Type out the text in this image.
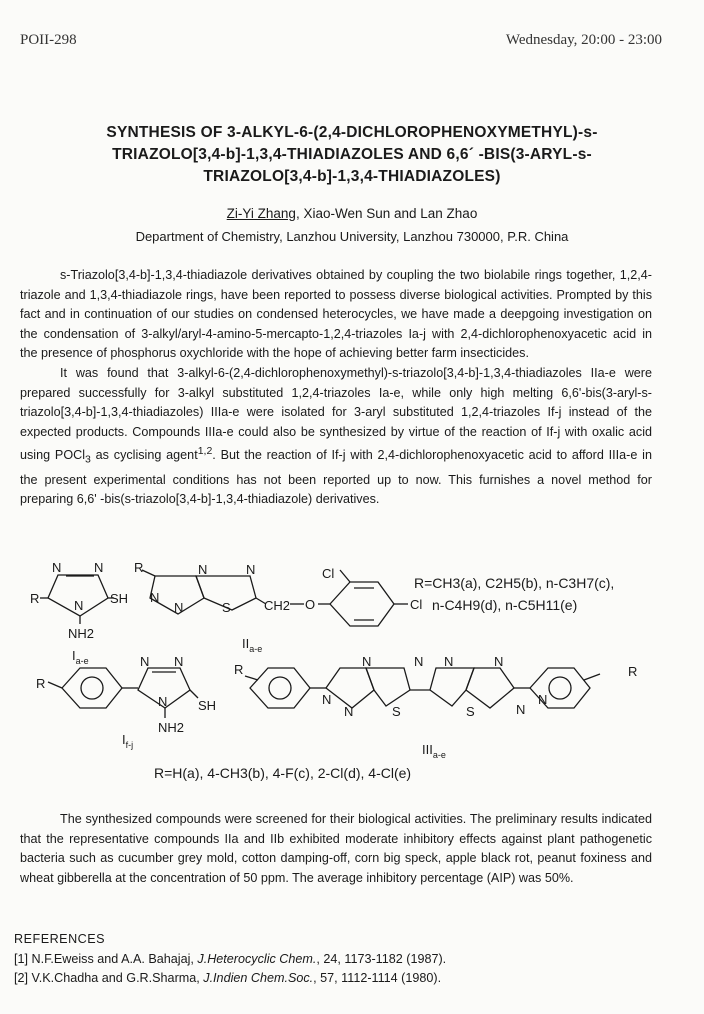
POII-298	Wednesday, 20:00 - 23:00
SYNTHESIS OF 3-ALKYL-6-(2,4-DICHLOROPHENOXYMETHYL)-s-
TRIAZOLO[3,4-b]-1,3,4-THIADIAZOLES AND 6,6´ -BIS(3-ARYL-s-
TRIAZOLO[3,4-b]-1,3,4-THIADIAZOLES)
Zi-Yi Zhang, Xiao-Wen Sun and Lan Zhao
Department of Chemistry, Lanzhou University, Lanzhou 730000, P.R. China

s-Triazolo[3,4-b]-1,3,4-thiadiazole derivatives obtained by coupling the two biolabile rings together, 1,2,4-triazole and 1,3,4-thiadiazole rings, have been reported to possess diverse biological activities. Prompted by this fact and in continuation of our studies on condensed heterocycles, we have made a deepgoing investigation on the condensation of 3-alkyl/aryl-4-amino-5-mercapto-1,2,4-triazoles Ia-j with 2,4-dichlorophenoxyacetic acid in the presence of phosphorus oxychloride with the hope of achieving better farm insecticides.

It was found that 3-alkyl-6-(2,4-dichlorophenoxymethyl)-s-triazolo[3,4-b]-1,3,4-thiadiazoles IIa-e were prepared successfully for 3-alkyl substituted 1,2,4-triazoles Ia-e, while only high melting 6,6'-bis(3-aryl-s-triazolo[3,4-b]-1,3,4-thiadiazoles) IIIa-e were isolated for 3-aryl substituted 1,2,4-triazoles If-j instead of the expected products. Compounds IIIa-e could also be synthesized by virtue of the reaction of If-j with oxalic acid using POCl$_3$ as cyclising agent$^{1,2}$. But the reaction of If-j with 2,4-dichlorophenoxyacetic acid to afford IIIa-e in the present experimental conditions has not been reported up to now. This furnishes a novel method for preparing 6,6' -bis(s-triazolo[3,4-b]-1,3,4-thiadiazole) derivatives.

N	N
R	N SH
NH2
$I_{a-e}$
R	N	N
N
N	S	CH2 O
Cl
Cl
$II_{a-e}$
R=CH3(a), C2H5(b), n-C3H7(c),
n-C4H9(d), n-C5H11(e)
R
N N
N SH
NH2
$I_{f-j}$
R
N	N N	N
N
N	S	S	N
N
R
$III_{a-e}$
R=H(a), 4-CH3(b), 4-F(c), 2-Cl(d), 4-Cl(e)

The synthesized compounds were screened for their biological activities. The preliminary results indicated that the representative compounds IIa and IIb exhibited moderate inhibitory effects against plant pathogenetic bacteria such as cucumber grey mold, cotton damping-off, corn big speck, apple black rot, peanut foxiness and wheat gibberella at the concentration of 50 ppm. The average inhibitory percentage (AIP) was 50%.

REFERENCES
[1] N.F.Eweiss and A.A. Bahajaj, J.Heterocyclic Chem., 24, 1173-1182 (1987).
[2] V.K.Chadha and G.R.Sharma, J.Indien Chem.Soc., 57, 1112-1114 (1980).
